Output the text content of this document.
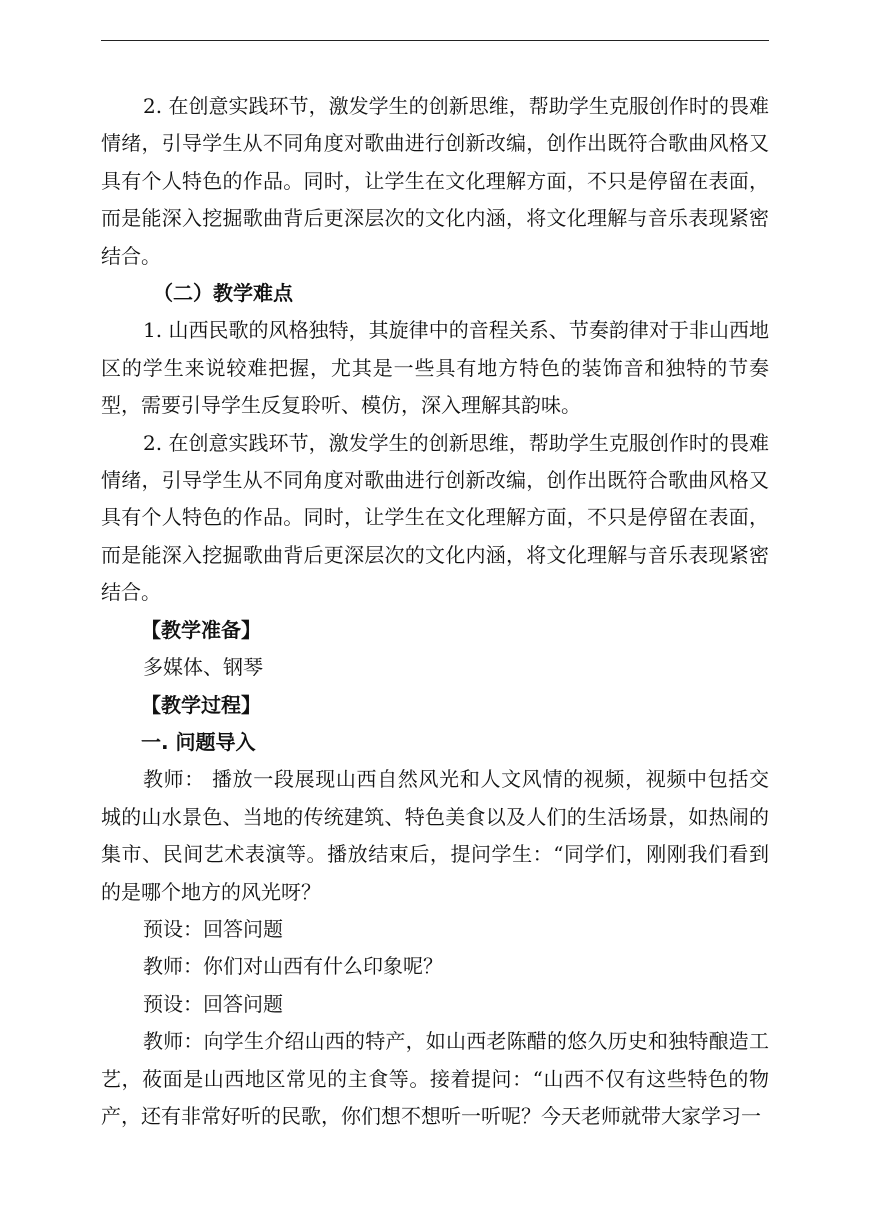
2. 在创意实践环节，激发学生的创新思维，帮助学生克服创作时的畏难情绪，引导学生从不同角度对歌曲进行创新改编，创作出既符合歌曲风格又具有个人特色的作品。同时，让学生在文化理解方面，不只是停留在表面，而是能深入挖掘歌曲背后更深层次的文化内涵，将文化理解与音乐表现紧密结合。

（二）教学难点

1. 山西民歌的风格独特，其旋律中的音程关系、节奏韵律对于非山西地区的学生来说较难把握，尤其是一些具有地方特色的装饰音和独特的节奏型，需要引导学生反复聆听、模仿，深入理解其韵味。

2. 在创意实践环节，激发学生的创新思维，帮助学生克服创作时的畏难情绪，引导学生从不同角度对歌曲进行创新改编，创作出既符合歌曲风格又具有个人特色的作品。同时，让学生在文化理解方面，不只是停留在表面，而是能深入挖掘歌曲背后更深层次的文化内涵，将文化理解与音乐表现紧密结合。

【教学准备】

多媒体、钢琴

【教学过程】

一. 问题导入

教师： 播放一段展现山西自然风光和人文风情的视频，视频中包括交城的山水景色、当地的传统建筑、特色美食以及人们的生活场景，如热闹的集市、民间艺术表演等。播放结束后，提问学生：“同学们，刚刚我们看到的是哪个地方的风光呀？

预设：回答问题

教师：你们对山西有什么印象呢？

预设：回答问题

教师：向学生介绍山西的特产，如山西老陈醋的悠久历史和独特酿造工艺，莜面是山西地区常见的主食等。接着提问：“山西不仅有这些特色的物产，还有非常好听的民歌，你们想不想听一听呢？今天老师就带大家学习一
